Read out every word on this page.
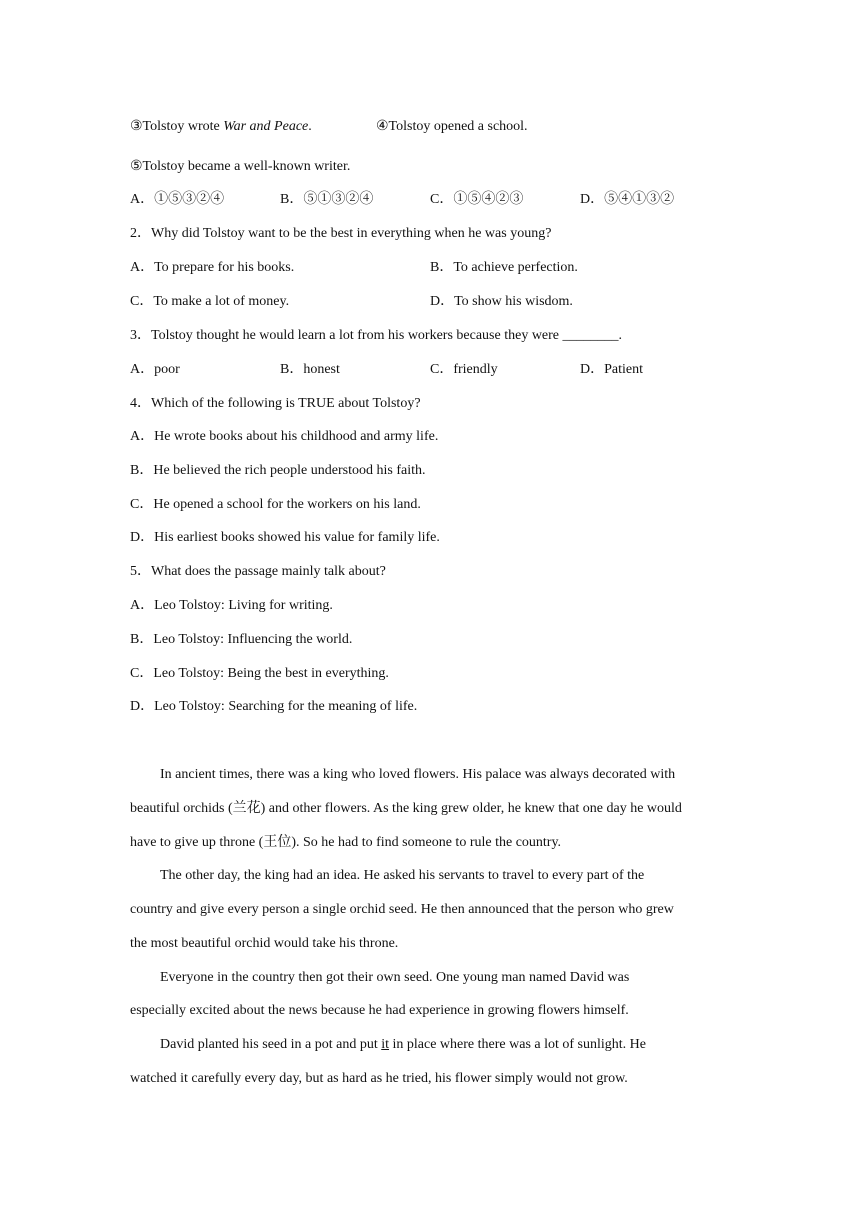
③Tolstoy wrote War and Peace.	④Tolstoy opened a school.
⑤Tolstoy became a well-known writer.
A．①⑤③②④	B．⑤①③②④	C．①⑤④②③	D．⑤④①③②
2．Why did Tolstoy want to be the best in everything when he was young?
A．To prepare for his books.	B．To achieve perfection.
C．To make a lot of money.	D．To show his wisdom.
3．Tolstoy thought he would learn a lot from his workers because they were ________.
A．poor	B．honest	C．friendly	D．Patient
4．Which of the following is TRUE about Tolstoy?
A．He wrote books about his childhood and army life.
B．He believed the rich people understood his faith.
C．He opened a school for the workers on his land.
D．His earliest books showed his value for family life.
5．What does the passage mainly talk about?
A．Leo Tolstoy: Living for writing.
B．Leo Tolstoy: Influencing the world.
C．Leo Tolstoy: Being the best in everything.
D．Leo Tolstoy: Searching for the meaning of life.
In ancient times, there was a king who loved flowers. His palace was always decorated with
beautiful orchids (兰花) and other flowers. As the king grew older, he knew that one day he would
have to give up throne (王位). So he had to find someone to rule the country.
The other day, the king had an idea. He asked his servants to travel to every part of the
country and give every person a single orchid seed. He then announced that the person who grew
the most beautiful orchid would take his throne.
Everyone in the country then got their own seed. One young man named David was
especially excited about the news because he had experience in growing flowers himself.
David planted his seed in a pot and put it in place where there was a lot of sunlight. He
watched it carefully every day, but as hard as he tried, his flower simply would not grow.
